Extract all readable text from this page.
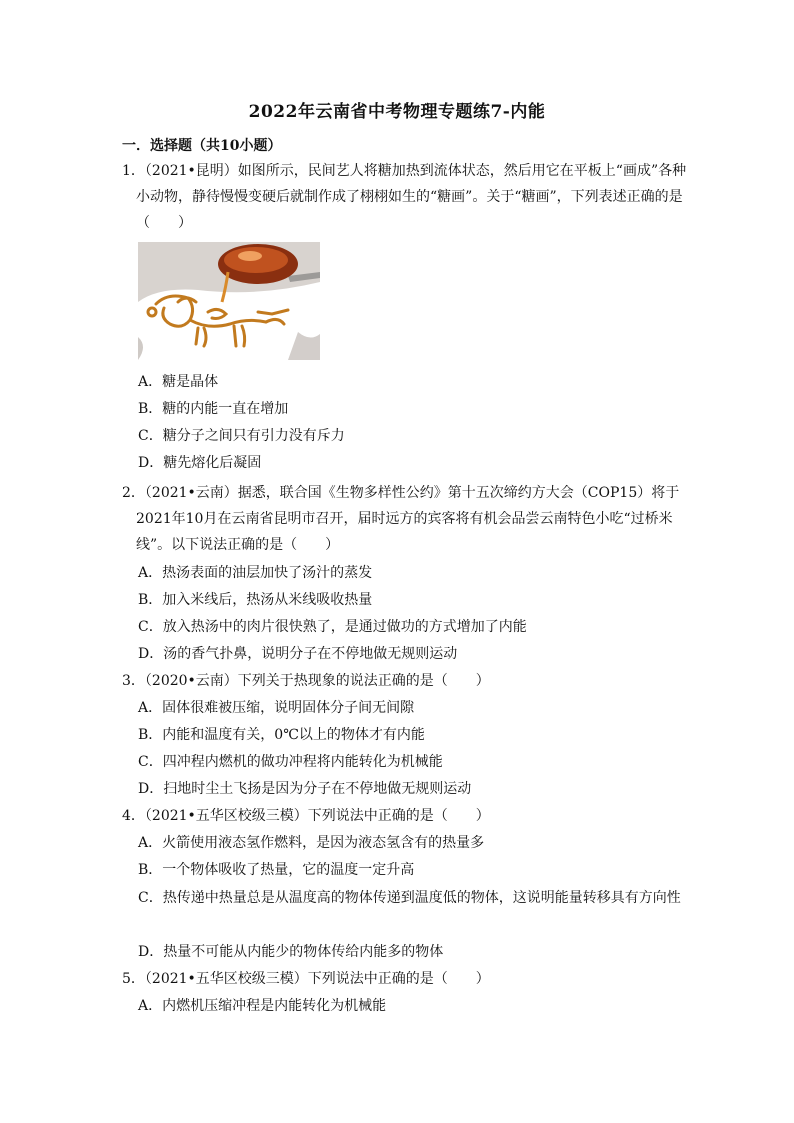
2022年云南省中考物理专题练7-内能
一．选择题（共10小题）
1．（2021•昆明）如图所示，民间艺人将糖加热到流体状态，然后用它在平板上“画成”各种小动物，静待慢慢变硬后就制作成了栩栩如生的“糖画”。关于“糖画”，下列表述正确的是（　　）
A．糖是晶体
B．糖的内能一直在增加
C．糖分子之间只有引力没有斥力
D．糖先熔化后凝固
2．（2021•云南）据悉，联合国《生物多样性公约》第十五次缔约方大会（COP15）将于2021年10月在云南省昆明市召开，届时远方的宾客将有机会品尝云南特色小吃“过桥米线”。以下说法正确的是（　　）
A．热汤表面的油层加快了汤汁的蒸发
B．加入米线后，热汤从米线吸收热量
C．放入热汤中的肉片很快熟了，是通过做功的方式增加了内能
D．汤的香气扑鼻，说明分子在不停地做无规则运动
3．（2020•云南）下列关于热现象的说法正确的是（　　）
A．固体很难被压缩，说明固体分子间无间隙
B．内能和温度有关，0℃以上的物体才有内能
C．四冲程内燃机的做功冲程将内能转化为机械能
D．扫地时尘土飞扬是因为分子在不停地做无规则运动
4．（2021•五华区校级三模）下列说法中正确的是（　　）
A．火箭使用液态氢作燃料，是因为液态氢含有的热量多
B．一个物体吸收了热量，它的温度一定升高
C．热传递中热量总是从温度高的物体传递到温度低的物体，这说明能量转移具有方向性
D．热量不可能从内能少的物体传给内能多的物体
5．（2021•五华区校级三模）下列说法中正确的是（　　）
A．内燃机压缩冲程是内能转化为机械能
